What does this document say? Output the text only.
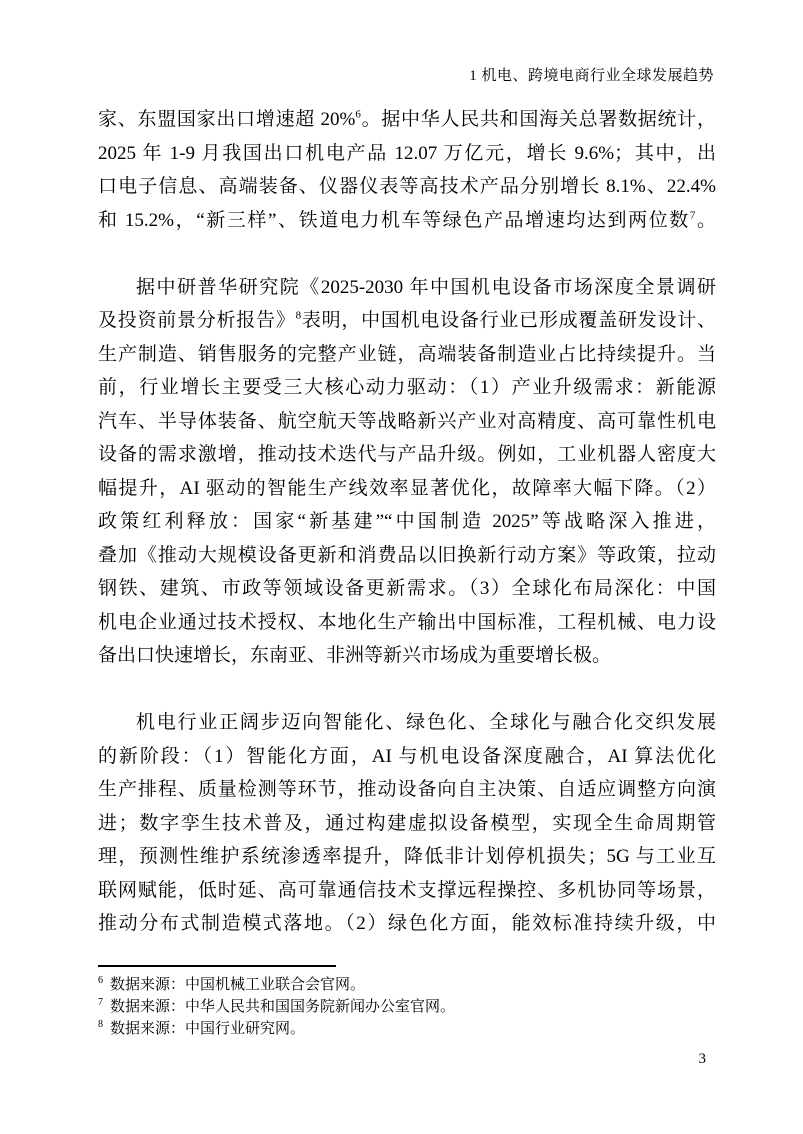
1 机电、跨境电商行业全球发展趋势
家、东盟国家出口增速超 20%$^6$。据中华人民共和国海关总署数据统计，
2025 年 1-9 月我国出口机电产品 12.07 万亿元，增长 9.6%；其中，出
口电子信息、高端装备、仪器仪表等高技术产品分别增长 8.1%、22.4%
和 15.2%，“新三样”、铁道电力机车等绿色产品增速均达到两位数$^7$。
据中研普华研究院《2025-2030 年中国机电设备市场深度全景调研
及投资前景分析报告》$^8$表明，中国机电设备行业已形成覆盖研发设计、
生产制造、销售服务的完整产业链，高端装备制造业占比持续提升。当
前，行业增长主要受三大核心动力驱动：（1）产业升级需求：新能源
汽车、半导体装备、航空航天等战略新兴产业对高精度、高可靠性机电
设备的需求激增，推动技术迭代与产品升级。例如，工业机器人密度大
幅提升，AI 驱动的智能生产线效率显著优化，故障率大幅下降。（2）
政策红利释放：国家“新基建”“中国制造 2025”等战略深入推进，
叠加《推动大规模设备更新和消费品以旧换新行动方案》等政策，拉动
钢铁、建筑、市政等领域设备更新需求。（3）全球化布局深化：中国
机电企业通过技术授权、本地化生产输出中国标准，工程机械、电力设
备出口快速增长，东南亚、非洲等新兴市场成为重要增长极。
机电行业正阔步迈向智能化、绿色化、全球化与融合化交织发展
的新阶段：（1）智能化方面，AI 与机电设备深度融合，AI 算法优化
生产排程、质量检测等环节，推动设备向自主决策、自适应调整方向演
进；数字孪生技术普及，通过构建虚拟设备模型，实现全生命周期管
理，预测性维护系统渗透率提升，降低非计划停机损失；5G 与工业互
联网赋能，低时延、高可靠通信技术支撑远程操控、多机协同等场景，
推动分布式制造模式落地。（2）绿色化方面，能效标准持续升级，中
$^6$ 数据来源：中国机械工业联合会官网。
$^7$ 数据来源：中华人民共和国国务院新闻办公室官网。
$^8$ 数据来源：中国行业研究网。
3
